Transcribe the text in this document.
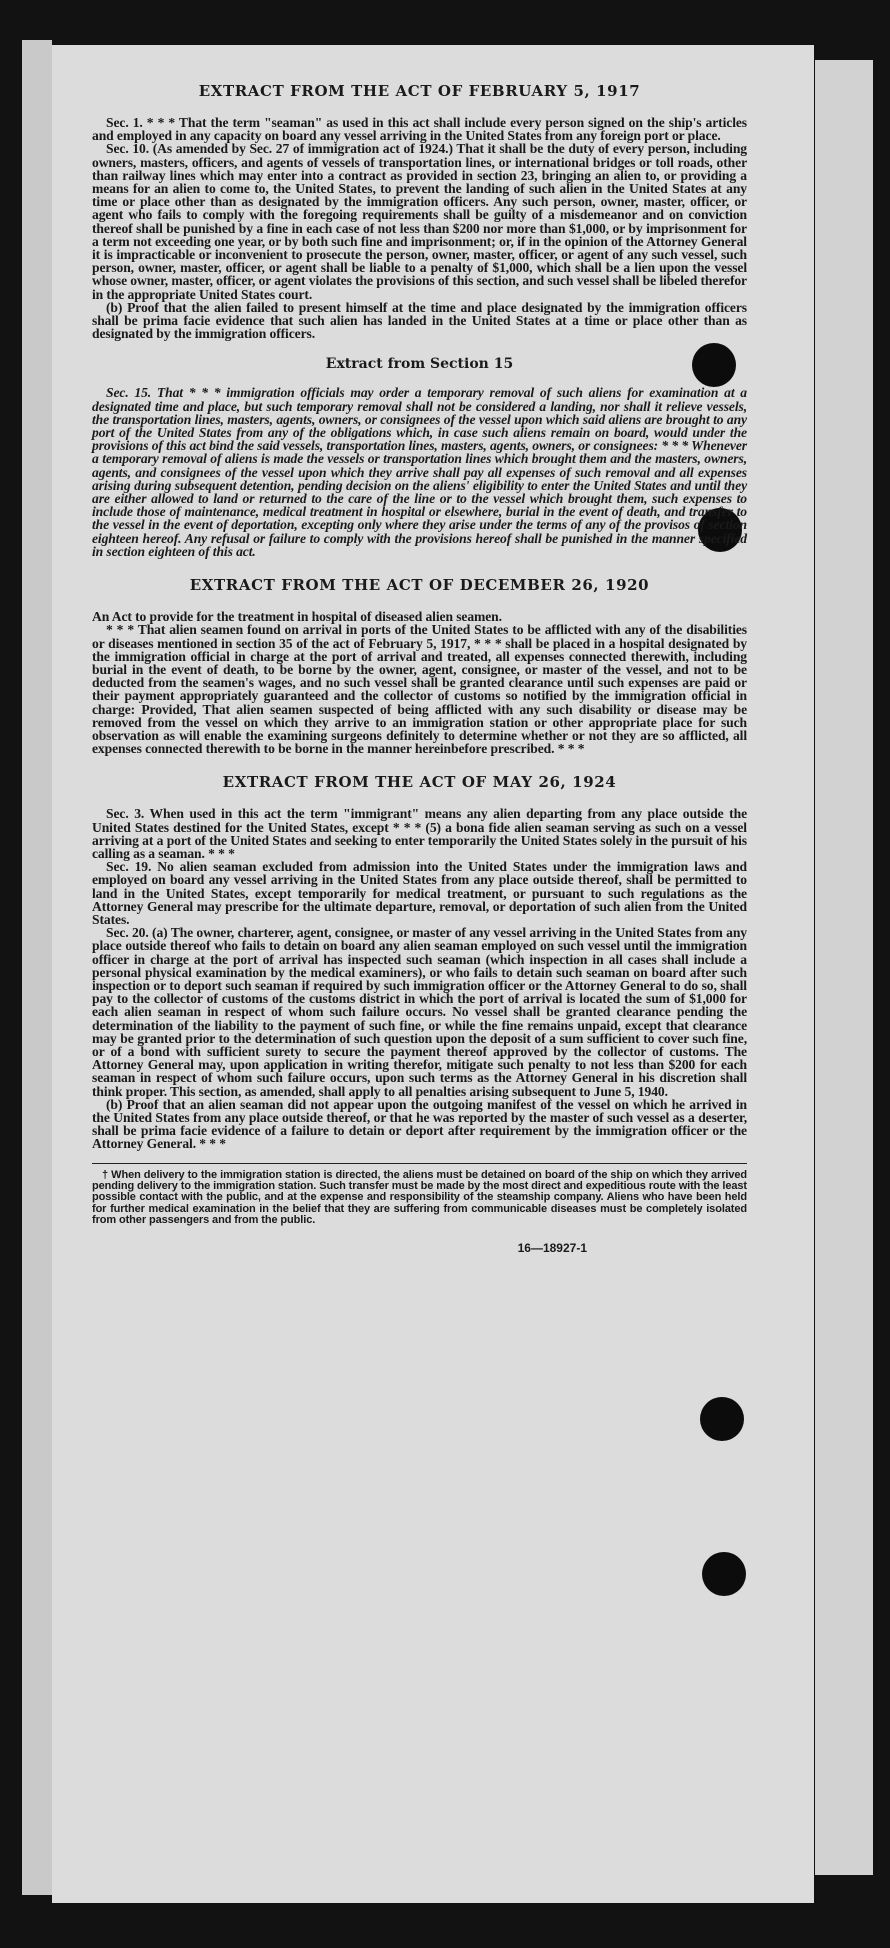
EXTRACT FROM THE ACT OF FEBRUARY 5, 1917

Sec. 1. * * * That the term "seaman" as used in this act shall include every person signed on the ship's articles and employed in any capacity on board any vessel arriving in the United States from any foreign port or place.

Sec. 10. (As amended by Sec. 27 of immigration act of 1924.) That it shall be the duty of every person, including owners, masters, officers, and agents of vessels of transportation lines, or international bridges or toll roads, other than railway lines which may enter into a contract as provided in section 23, bringing an alien to, or providing a means for an alien to come to, the United States, to prevent the landing of such alien in the United States at any time or place other than as designated by the immigration officers. Any such person, owner, master, officer, or agent who fails to comply with the foregoing requirements shall be guilty of a misdemeanor and on conviction thereof shall be punished by a fine in each case of not less than $200 nor more than $1,000, or by imprisonment for a term not exceeding one year, or by both such fine and imprisonment; or, if in the opinion of the Attorney General it is impracticable or inconvenient to prosecute the person, owner, master, officer, or agent of any such vessel, such person, owner, master, officer, or agent shall be liable to a penalty of $1,000, which shall be a lien upon the vessel whose owner, master, officer, or agent violates the provisions of this section, and such vessel shall be libeled therefor in the appropriate United States court.

(b) Proof that the alien failed to present himself at the time and place designated by the immigration officers shall be prima facie evidence that such alien has landed in the United States at a time or place other than as designated by the immigration officers.

Extract from Section 15

Sec. 15. That * * * immigration officials may order a temporary removal of such aliens for examination at a designated time and place, but such temporary removal shall not be considered a landing, nor shall it relieve vessels, the transportation lines, masters, agents, owners, or consignees of the vessel upon which said aliens are brought to any port of the United States from any of the obligations which, in case such aliens remain on board, would under the provisions of this act bind the said vessels, transportation lines, masters, agents, owners, or consignees: * * * Whenever a temporary removal of aliens is made the vessels or transportation lines which brought them and the masters, owners, agents, and consignees of the vessel upon which they arrive shall pay all expenses of such removal and all expenses arising during subsequent detention, pending decision on the aliens' eligibility to enter the United States and until they are either allowed to land or returned to the care of the line or to the vessel which brought them, such expenses to include those of maintenance, medical treatment in hospital or elsewhere, burial in the event of death, and transfer to the vessel in the event of deportation, excepting only where they arise under the terms of any of the provisos of section eighteen hereof. Any refusal or failure to comply with the provisions hereof shall be punished in the manner specified in section eighteen of this act.

EXTRACT FROM THE ACT OF DECEMBER 26, 1920

An Act to provide for the treatment in hospital of diseased alien seamen.

* * * That alien seamen found on arrival in ports of the United States to be afflicted with any of the disabilities or diseases mentioned in section 35 of the act of February 5, 1917, * * * shall be placed in a hospital designated by the immigration official in charge at the port of arrival and treated, all expenses connected therewith, including burial in the event of death, to be borne by the owner, agent, consignee, or master of the vessel, and not to be deducted from the seamen's wages, and no such vessel shall be granted clearance until such expenses are paid or their payment appropriately guaranteed and the collector of customs so notified by the immigration official in charge: Provided, That alien seamen suspected of being afflicted with any such disability or disease may be removed from the vessel on which they arrive to an immigration station or other appropriate place for such observation as will enable the examining surgeons definitely to determine whether or not they are so afflicted, all expenses connected therewith to be borne in the manner hereinbefore prescribed. * * *

EXTRACT FROM THE ACT OF MAY 26, 1924

Sec. 3. When used in this act the term "immigrant" means any alien departing from any place outside the United States destined for the United States, except * * * (5) a bona fide alien seaman serving as such on a vessel arriving at a port of the United States and seeking to enter temporarily the United States solely in the pursuit of his calling as a seaman. * * *

Sec. 19. No alien seaman excluded from admission into the United States under the immigration laws and employed on board any vessel arriving in the United States from any place outside thereof, shall be permitted to land in the United States, except temporarily for medical treatment, or pursuant to such regulations as the Attorney General may prescribe for the ultimate departure, removal, or deportation of such alien from the United States.

Sec. 20. (a) The owner, charterer, agent, consignee, or master of any vessel arriving in the United States from any place outside thereof who fails to detain on board any alien seaman employed on such vessel until the immigration officer in charge at the port of arrival has inspected such seaman (which inspection in all cases shall include a personal physical examination by the medical examiners), or who fails to detain such seaman on board after such inspection or to deport such seaman if required by such immigration officer or the Attorney General to do so, shall pay to the collector of customs of the customs district in which the port of arrival is located the sum of $1,000 for each alien seaman in respect of whom such failure occurs. No vessel shall be granted clearance pending the determination of the liability to the payment of such fine, or while the fine remains unpaid, except that clearance may be granted prior to the determination of such question upon the deposit of a sum sufficient to cover such fine, or of a bond with sufficient surety to secure the payment thereof approved by the collector of customs. The Attorney General may, upon application in writing therefor, mitigate such penalty to not less than $200 for each seaman in respect of whom such failure occurs, upon such terms as the Attorney General in his discretion shall think proper. This section, as amended, shall apply to all penalties arising subsequent to June 5, 1940.

(b) Proof that an alien seaman did not appear upon the outgoing manifest of the vessel on which he arrived in the United States from any place outside thereof, or that he was reported by the master of such vessel as a deserter, shall be prima facie evidence of a failure to detain or deport after requirement by the immigration officer or the Attorney General. * * *

† When delivery to the immigration station is directed, the aliens must be detained on board of the ship on which they arrived pending delivery to the immigration station. Such transfer must be made by the most direct and expeditious route with the least possible contact with the public, and at the expense and responsibility of the steamship company. Aliens who have been held for further medical examination in the belief that they are suffering from communicable diseases must be completely isolated from other passengers and from the public.

16—18927-1
